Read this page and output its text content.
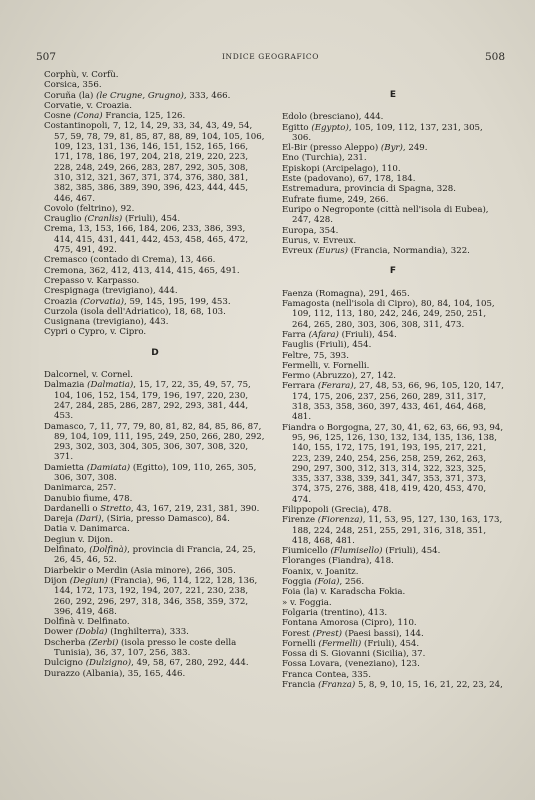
507	INDICE GEOGRAFICO	508

Corphù, v. Corfù.

Corsica, 356.

Coruña (la) (le Crugne, Grugno), 333, 466.

Corvatie, v. Croazia.

Cosne (Cona) Francia, 125, 126.

Costantinopoli, 7, 12, 14, 29, 33, 34, 43, 49, 54, 57, 59, 78, 79, 81, 85, 87, 88, 89, 104, 105, 106, 109, 123, 131, 136, 146, 151, 152, 165, 166, 171, 178, 186, 197, 204, 218, 219, 220, 223, 228, 248, 249, 266, 283, 287, 292, 305, 308, 310, 312, 321, 367, 371, 374, 376, 380, 381, 382, 385, 386, 389, 390, 396, 423, 444, 445, 446, 467.

Covolo (feltrino), 92.

Crauglio (Cranlis) (Friuli), 454.

Crema, 13, 153, 166, 184, 206, 233, 386, 393, 414, 415, 431, 441, 442, 453, 458, 465, 472, 475, 491, 492.

Cremasco (contado di Crema), 13, 466.

Cremona, 362, 412, 413, 414, 415, 465, 491.

Crepasso v. Karpasso.

Crespignaga (trevigiano), 444.

Croazia (Corvatia), 59, 145, 195, 199, 453.

Curzola (isola dell'Adriatico), 18, 68, 103.

Cusignana (trevigiano), 443.

Cypri o Cypro, v. Cipro.

D

Dalcornel, v. Cornel.

Dalmazia (Dalmatia), 15, 17, 22, 35, 49, 57, 75, 104, 106, 152, 154, 179, 196, 197, 220, 230, 247, 284, 285, 286, 287, 292, 293, 381, 444, 453.

Damasco, 7, 11, 77, 79, 80, 81, 82, 84, 85, 86, 87, 89, 104, 109, 111, 195, 249, 250, 266, 280, 292, 293, 302, 303, 304, 305, 306, 307, 308, 320, 371.

Damietta (Damiata) (Egitto), 109, 110, 265, 305, 306, 307, 308.

Danimarca, 257.

Danubio fiume, 478.

Dardanelli o Stretto, 43, 167, 219, 231, 381, 390.

Dareja (Dari), (Siria, presso Damasco), 84.

Datia v. Danimarca.

Degiun v. Dijon.

Delfinato, (Dolfinà), provincia di Francia, 24, 25, 26, 45, 46, 52.

Diarbekir o Merdin (Asia minore), 266, 305.

Dijon (Degiun) (Francia), 96, 114, 122, 128, 136, 144, 172, 173, 192, 194, 207, 221, 230, 238, 260, 292, 296, 297, 318, 346, 358, 359, 372, 396, 419, 468.

Dolfinà v. Delfinato.

Dower (Dobla) (Inghilterra), 333.

Dscherba (Zerbi) (isola presso le coste della Tunisia), 36, 37, 107, 256, 383.

Dulcigno (Dulzigno), 49, 58, 67, 280, 292, 444.

Durazzo (Albania), 35, 165, 446.

E

Edolo (bresciano), 444.

Egitto (Egypto), 105, 109, 112, 137, 231, 305, 306.

El-Bir (presso Aleppo) (Byr), 249.

Eno (Turchia), 231.

Episkopi (Arcipelago), 110.

Este (padovano), 67, 178, 184.

Estremadura, provincia di Spagna, 328.

Eufrate fiume, 249, 266.

Euripo o Negroponte (città nell'isola di Eubea), 247, 428.

Europa, 354.

Eurus, v. Evreux.

Evreux (Eurus) (Francia, Normandia), 322.

F

Faenza (Romagna), 291, 465.

Famagosta (nell'isola di Cipro), 80, 84, 104, 105, 109, 112, 113, 180, 242, 246, 249, 250, 251, 264, 265, 280, 303, 306, 308, 311, 473.

Farra (Afara) (Friuli), 454.

Fauglis (Friuli), 454.

Feltre, 75, 393.

Fermelli, v. Fornelli.

Fermo (Abruzzo), 27, 142.

Ferrara (Ferara), 27, 48, 53, 66, 96, 105, 120, 147, 174, 175, 206, 237, 256, 260, 289, 311, 317, 318, 353, 358, 360, 397, 433, 461, 464, 468, 481.

Fiandra o Borgogna, 27, 30, 41, 62, 63, 66, 93, 94, 95, 96, 125, 126, 130, 132, 134, 135, 136, 138, 140, 155, 172, 175, 191, 193, 195, 217, 221, 223, 239, 240, 254, 256, 258, 259, 262, 263, 290, 297, 300, 312, 313, 314, 322, 323, 325, 335, 337, 338, 339, 341, 347, 353, 371, 373, 374, 375, 276, 388, 418, 419, 420, 453, 470, 474.

Filippopoli (Grecia), 478.

Firenze (Fiorenza), 11, 53, 95, 127, 130, 163, 173, 188, 224, 248, 251, 255, 291, 316, 318, 351, 418, 468, 481.

Fiumicello (Flumisello) (Friuli), 454.

Floranges (Fiandra), 418.

Foanix, v. Joanitz.

Foggia (Foia), 256.

Foia (la) v. Karadscha Fokia.

» v. Foggia.

Folgaria (trentino), 413.

Fontana Amorosa (Cipro), 110.

Forest (Prest) (Paesi bassi), 144.

Fornelli (Fermelli) (Friuli), 454.

Fossa di S. Giovanni (Sicilia), 37.

Fossa Lovara, (veneziano), 123.

Franca Contea, 335.

Francia (Franza) 5, 8, 9, 10, 15, 16, 21, 22, 23, 24,
